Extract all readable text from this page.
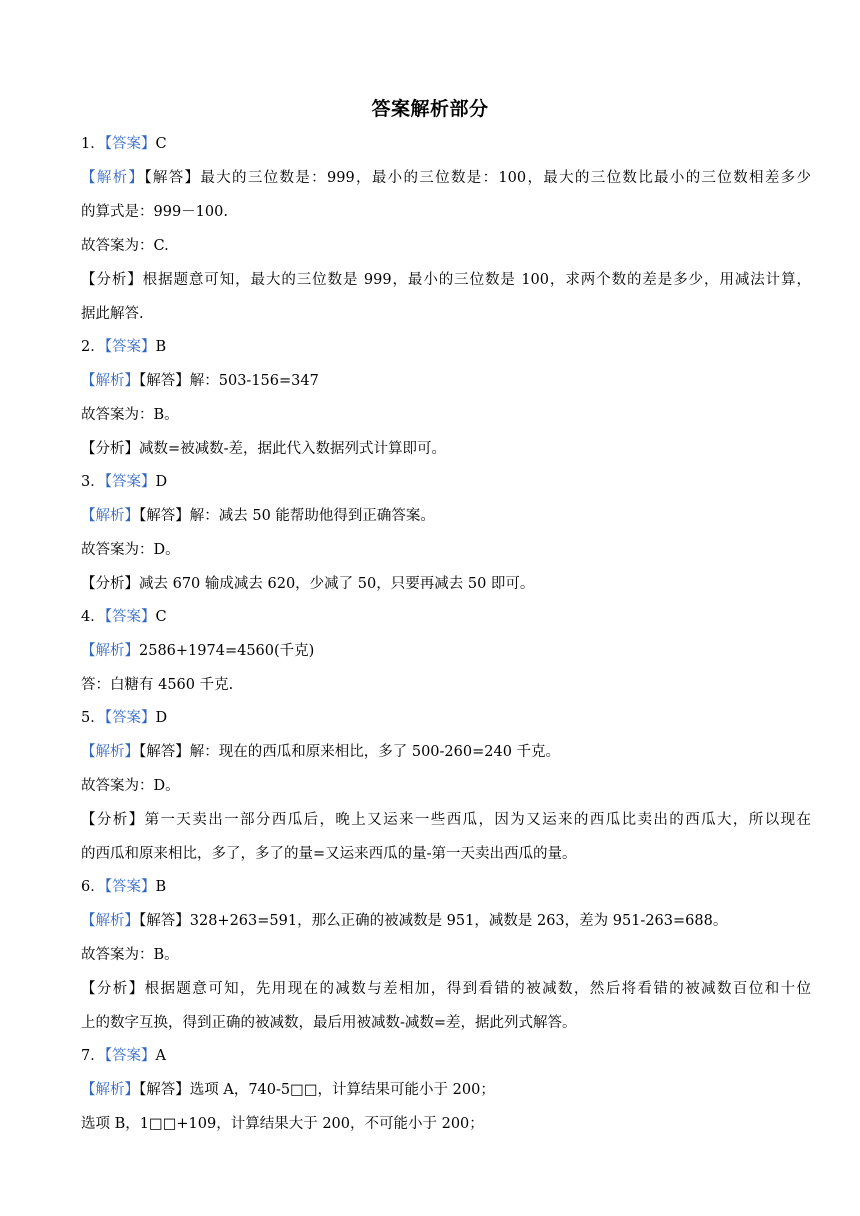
答案解析部分
1．【答案】C
【解析】【解答】最大的三位数是：999，最小的三位数是：100，最大的三位数比最小的三位数相差多少
的算式是：999－100.
故答案为：C.
【分析】根据题意可知，最大的三位数是 999，最小的三位数是 100，求两个数的差是多少，用减法计算，
据此解答.
2．【答案】B
【解析】【解答】解：503-156=347
故答案为：B。
【分析】减数=被减数-差，据此代入数据列式计算即可。
3．【答案】D
【解析】【解答】解：减去 50 能帮助他得到正确答案。
故答案为：D。
【分析】减去 670 输成减去 620，少减了 50，只要再减去 50 即可。
4．【答案】C
【解析】2586+1974=4560(千克)
答：白糖有 4560 千克.
5．【答案】D
【解析】【解答】解：现在的西瓜和原来相比，多了 500-260=240 千克。
故答案为：D。
【分析】第一天卖出一部分西瓜后，晚上又运来一些西瓜，因为又运来的西瓜比卖出的西瓜大，所以现在
的西瓜和原来相比，多了，多了的量=又运来西瓜的量-第一天卖出西瓜的量。
6．【答案】B
【解析】【解答】328+263=591，那么正确的被减数是 951，减数是 263，差为 951-263=688。
故答案为：B。
【分析】根据题意可知，先用现在的减数与差相加，得到看错的被减数，然后将看错的被减数百位和十位
上的数字互换，得到正确的被减数，最后用被减数-减数=差，据此列式解答。
7．【答案】A
【解析】【解答】选项 A，740-5□□，计算结果可能小于 200；
选项 B，1□□+109，计算结果大于 200，不可能小于 200；
